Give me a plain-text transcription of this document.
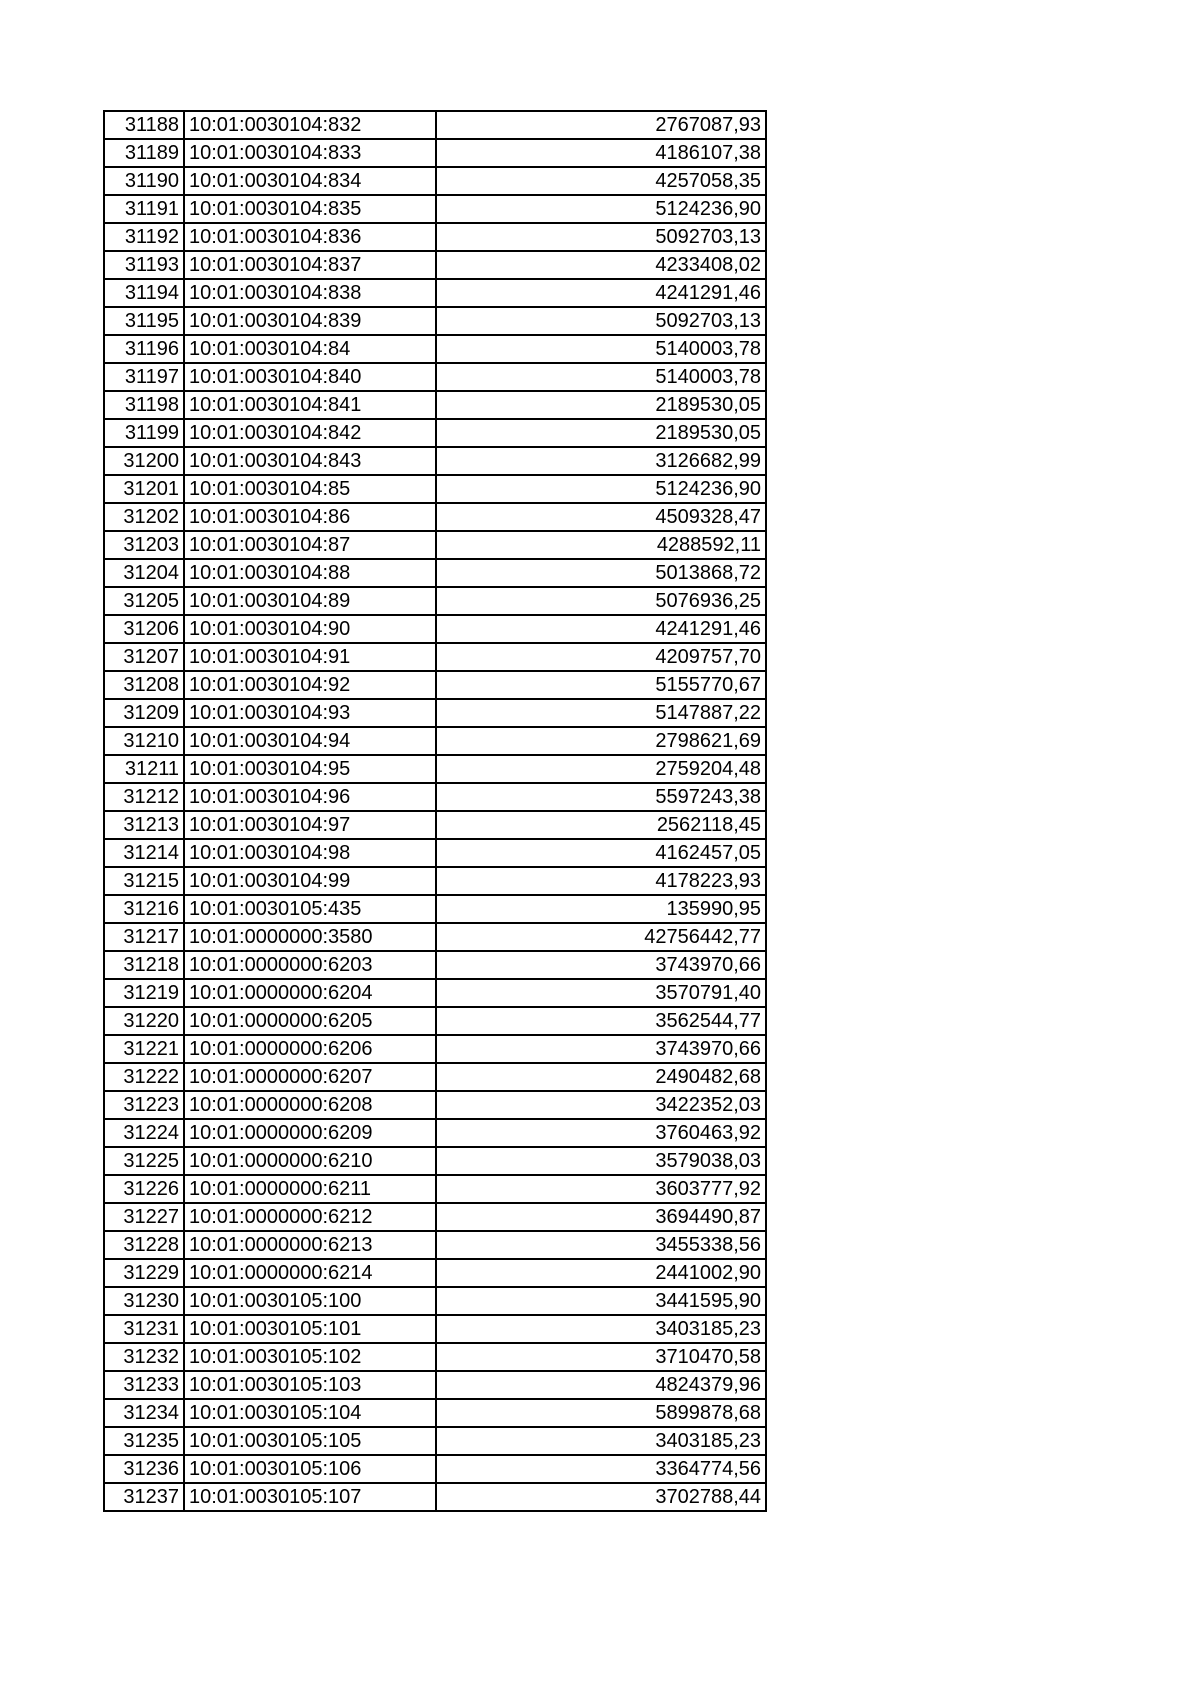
31188	10:01:0030104:832	2767087,93
31189	10:01:0030104:833	4186107,38
31190	10:01:0030104:834	4257058,35
31191	10:01:0030104:835	5124236,90
31192	10:01:0030104:836	5092703,13
31193	10:01:0030104:837	4233408,02
31194	10:01:0030104:838	4241291,46
31195	10:01:0030104:839	5092703,13
31196	10:01:0030104:84	5140003,78
31197	10:01:0030104:840	5140003,78
31198	10:01:0030104:841	2189530,05
31199	10:01:0030104:842	2189530,05
31200	10:01:0030104:843	3126682,99
31201	10:01:0030104:85	5124236,90
31202	10:01:0030104:86	4509328,47
31203	10:01:0030104:87	4288592,11
31204	10:01:0030104:88	5013868,72
31205	10:01:0030104:89	5076936,25
31206	10:01:0030104:90	4241291,46
31207	10:01:0030104:91	4209757,70
31208	10:01:0030104:92	5155770,67
31209	10:01:0030104:93	5147887,22
31210	10:01:0030104:94	2798621,69
31211	10:01:0030104:95	2759204,48
31212	10:01:0030104:96	5597243,38
31213	10:01:0030104:97	2562118,45
31214	10:01:0030104:98	4162457,05
31215	10:01:0030104:99	4178223,93
31216	10:01:0030105:435	135990,95
31217	10:01:0000000:3580	42756442,77
31218	10:01:0000000:6203	3743970,66
31219	10:01:0000000:6204	3570791,40
31220	10:01:0000000:6205	3562544,77
31221	10:01:0000000:6206	3743970,66
31222	10:01:0000000:6207	2490482,68
31223	10:01:0000000:6208	3422352,03
31224	10:01:0000000:6209	3760463,92
31225	10:01:0000000:6210	3579038,03
31226	10:01:0000000:6211	3603777,92
31227	10:01:0000000:6212	3694490,87
31228	10:01:0000000:6213	3455338,56
31229	10:01:0000000:6214	2441002,90
31230	10:01:0030105:100	3441595,90
31231	10:01:0030105:101	3403185,23
31232	10:01:0030105:102	3710470,58
31233	10:01:0030105:103	4824379,96
31234	10:01:0030105:104	5899878,68
31235	10:01:0030105:105	3403185,23
31236	10:01:0030105:106	3364774,56
31237	10:01:0030105:107	3702788,44
